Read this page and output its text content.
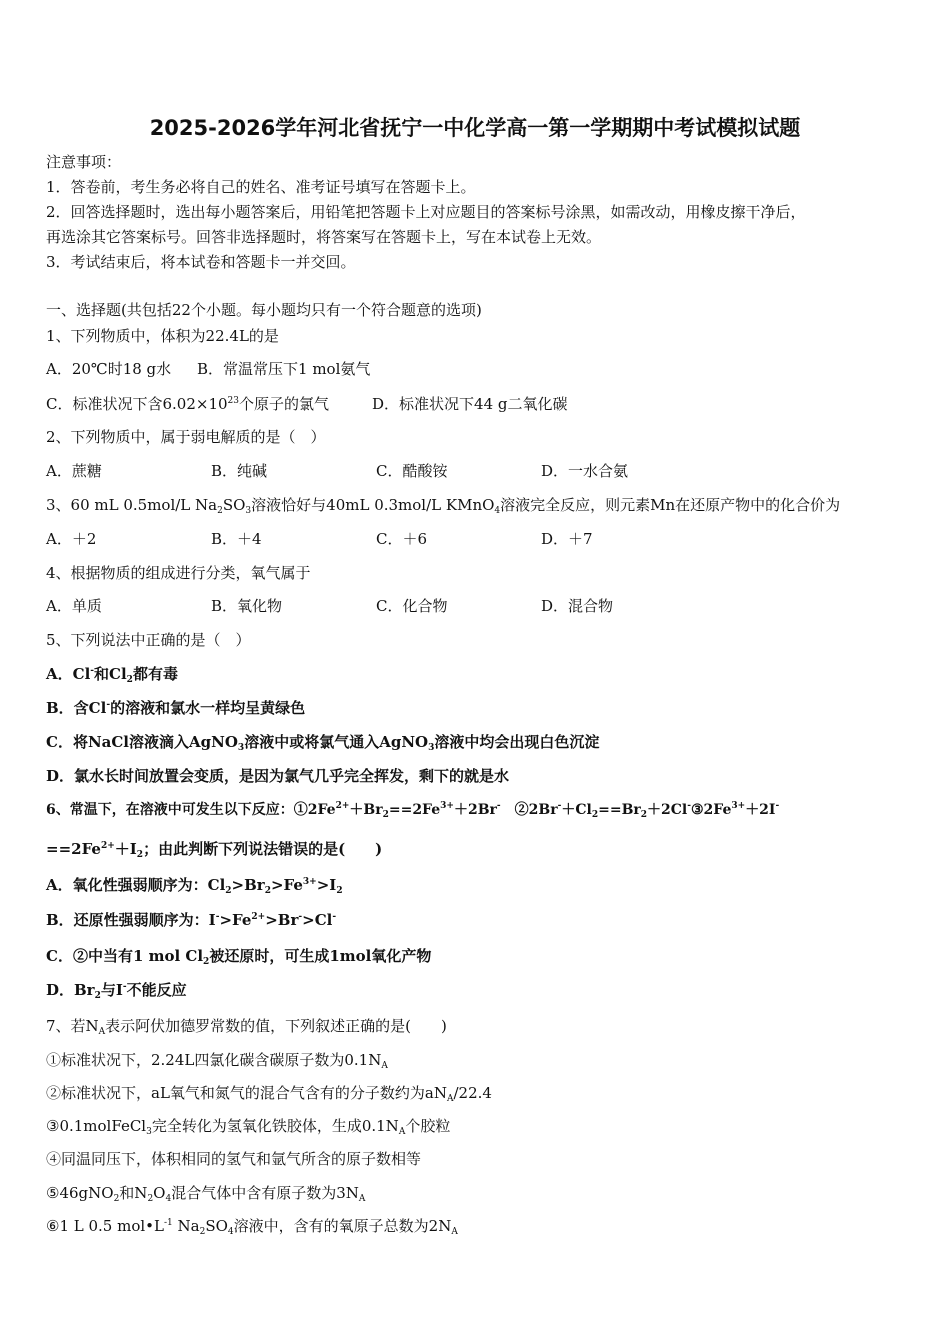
2025-2026学年河北省抚宁一中化学高一第一学期期中考试模拟试题
注意事项：
1．答卷前，考生务必将自己的姓名、准考证号填写在答题卡上。
2．回答选择题时，选出每小题答案后，用铅笔把答题卡上对应题目的答案标号涂黑，如需改动，用橡皮擦干净后，
再选涂其它答案标号。回答非选择题时，将答案写在答题卡上，写在本试卷上无效。
3．考试结束后，将本试卷和答题卡一并交回。
一、选择题(共包括22个小题。每小题均只有一个符合题意的选项)
1、下列物质中，体积为22.4L的是
A．20℃时18 g水 B．常温常压下1 mol氨气
C．标准状况下含$6.02\times 10^{23}$个原子的氯气	D．标准状况下44 g二氧化碳
2、下列物质中，属于弱电解质的是（　）
A．蔗糖	B．纯碱	C．酷酸铵	D．一水合氨
3、60 mL 0.5mol/L $Na_2SO_3$溶液恰好与40mL 0.3mol/L KMnO$_4$溶液完全反应，则元素Mn在还原产物中的化合价为
A．＋2	B．＋4	C．＋6	D．＋7
4、根据物质的组成进行分类，氧气属于
A．单质	B．氧化物	C．化合物	D．混合物
5、下列说法中正确的是（　）
A．Cl-和$Cl_2$都有毒
B．含Cl-的溶液和氯水一样均呈黄绿色
C．将NaCl溶液滴入AgNO$_3$溶液中或将氯气通入AgNO$_3$溶液中均会出现白色沉淀
D．氯水长时间放置会变质，是因为氯气几乎完全挥发，剩下的就是水
6、常温下，在溶液中可发生以下反应：$①2Fe^{2+}+Br_2==2Fe^{3+}+2Br^-$　$②2Br^-+Cl_2==Br_2+2Cl^-③2Fe^{3+}+2I^-$
$==2Fe^{2+}+I_2$；由此判断下列说法错误的是(　　)
A．氧化性强弱顺序为：$Cl_2>Br_2>Fe^{3+}>I_2$
B．还原性强弱顺序为：$I^->Fe^{2+}>Br^->Cl^-$
C．②中当有1 mol $Cl_2$被还原时，可生成1mol氧化产物
D．$Br_2$与I-不能反应
7、若$N_A$表示阿伏加德罗常数的值，下列叙述正确的是(　　)
①标准状况下，2.24L四氯化碳含碳原子数为$0.1N_A$
②标准状况下，aL氧气和氮气的混合气含有的分子数约为$aN_A/22.4$
③0.1molFeCl$_3$完全转化为氢氧化铁胶体，生成$0.1N_A$个胶粒
④同温同压下，体积相同的氢气和氩气所含的原子数相等
⑤46gNO$_2$和$N_2O_4$混合气体中含有原子数为$3N_A$
⑥1 L 0.5 $mol•L^{-1}$ $Na_2SO_4$溶液中，含有的氧原子总数为$2N_A$
